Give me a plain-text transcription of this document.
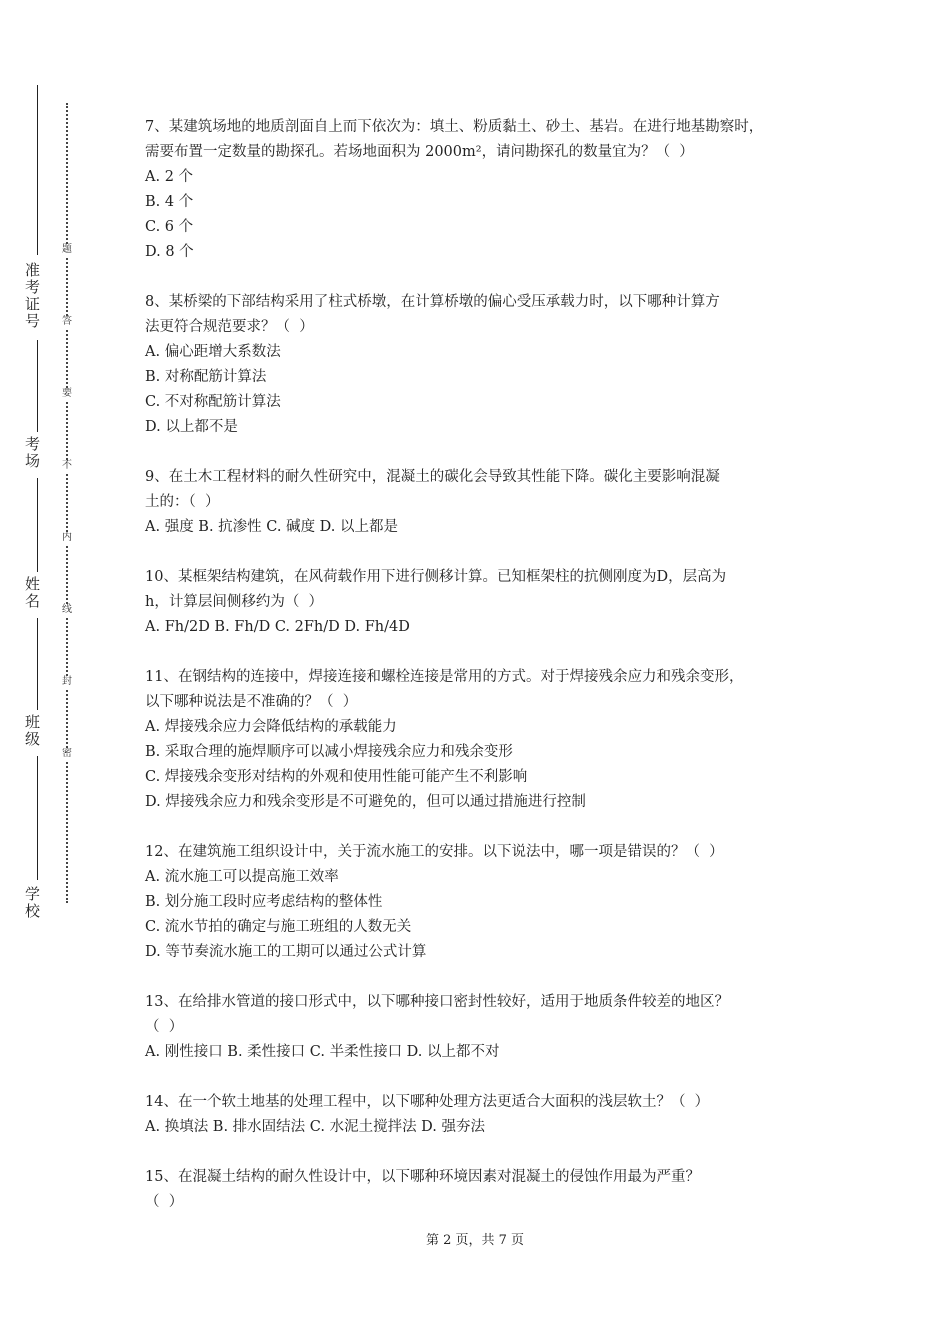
准考证号
考场
姓名
班级
学校
题
答
要
不
内
线
封
密
7、某建筑场地的地质剖面自上而下依次为：填土、粉质黏土、砂土、基岩。在进行地基勘察时，
需要布置一定数量的勘探孔。若场地面积为 2000m²，请问勘探孔的数量宜为？（  ）
A. 2 个
B. 4 个
C. 6 个
D. 8 个
8、某桥梁的下部结构采用了柱式桥墩，在计算桥墩的偏心受压承载力时，以下哪种计算方
法更符合规范要求？（  ）
A. 偏心距增大系数法
B. 对称配筋计算法
C. 不对称配筋计算法
D. 以上都不是
9、在土木工程材料的耐久性研究中，混凝土的碳化会导致其性能下降。碳化主要影响混凝
土的：（  ）
A. 强度 B. 抗渗性 C. 碱度 D. 以上都是
10、某框架结构建筑，在风荷载作用下进行侧移计算。已知框架柱的抗侧刚度为D，层高为
h，计算层间侧移约为（  ）
A. Fh/2D B. Fh/D C. 2Fh/D D. Fh/4D
11、在钢结构的连接中，焊接连接和螺栓连接是常用的方式。对于焊接残余应力和残余变形，
以下哪种说法是不准确的？（  ）
A. 焊接残余应力会降低结构的承载能力
B. 采取合理的施焊顺序可以减小焊接残余应力和残余变形
C. 焊接残余变形对结构的外观和使用性能可能产生不利影响
D. 焊接残余应力和残余变形是不可避免的，但可以通过措施进行控制
12、在建筑施工组织设计中，关于流水施工的安排。以下说法中，哪一项是错误的？（  ）
A. 流水施工可以提高施工效率
B. 划分施工段时应考虑结构的整体性
C. 流水节拍的确定与施工班组的人数无关
D. 等节奏流水施工的工期可以通过公式计算
13、在给排水管道的接口形式中，以下哪种接口密封性较好，适用于地质条件较差的地区？
（  ）
A. 刚性接口 B. 柔性接口 C. 半柔性接口 D. 以上都不对
14、在一个软土地基的处理工程中，以下哪种处理方法更适合大面积的浅层软土？（  ）
A. 换填法 B. 排水固结法 C. 水泥土搅拌法 D. 强夯法
15、在混凝土结构的耐久性设计中，以下哪种环境因素对混凝土的侵蚀作用最为严重？
（  ）
第 2 页，共 7 页
